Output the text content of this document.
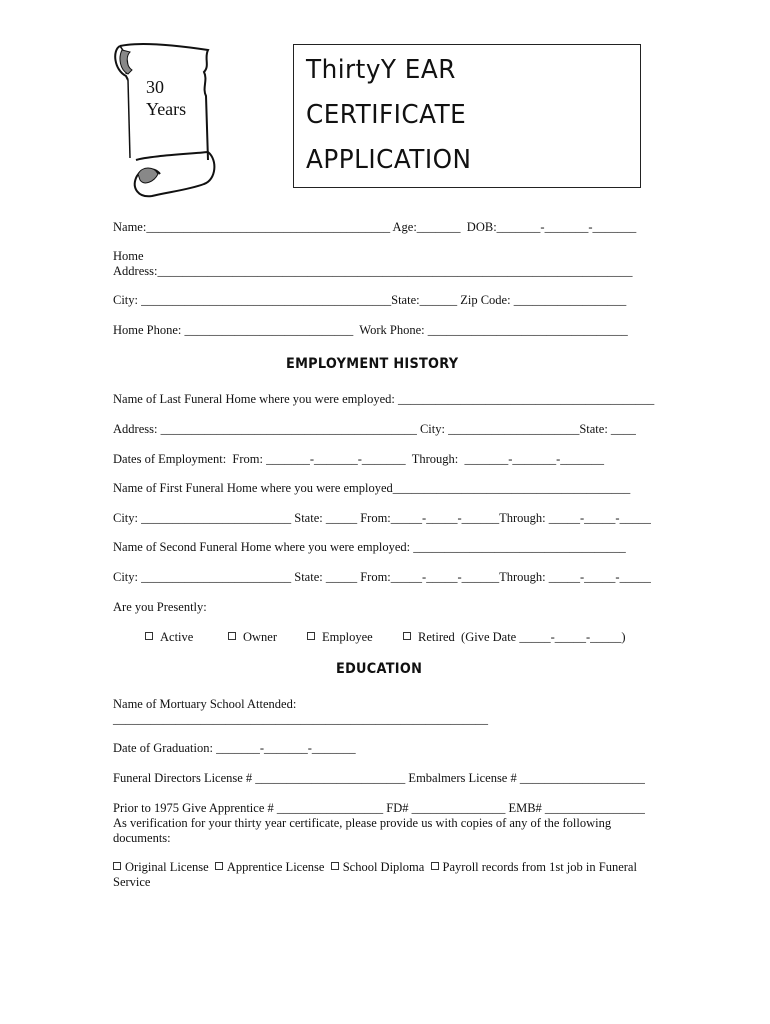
30
Years
ThirtyY EAR
CERTIFICATE
APPLICATION
Name:_______________________________________ Age:_______  DOB:_______-_______-_______
Home
Address:____________________________________________________________________________
City: ________________________________________State:______ Zip Code: __________________
Home Phone: ___________________________  Work Phone: ________________________________
EMPLOYMENT HISTORY
Name of Last Funeral Home where you were employed: _________________________________________
Address: _________________________________________ City: _____________________State: ____
Dates of Employment:  From: _______-_______-_______  Through:  _______-_______-_______
Name of First Funeral Home where you were employed______________________________________
City: ________________________ State: _____ From:_____-_____-______Through: _____-_____-_____
Name of Second Funeral Home where you were employed: __________________________________
City: ________________________ State: _____ From:_____-_____-______Through: _____-_____-_____
Are you Presently:
Active	Owner	Employee	Retired  (Give Date _____-_____-_____)
EDUCATION
Name of Mortuary School Attended:
____________________________________________________________
Date of Graduation: _______-_______-_______
Funeral Directors License # ________________________ Embalmers License # ____________________
Prior to 1975 Give Apprentice # _________________ FD# _______________ EMB# ________________
As verification for your thirty year certificate, please provide us with copies of any of the following
documents:
Original License Apprentice License School Diploma Payroll records from 1st job in Funeral
Service
